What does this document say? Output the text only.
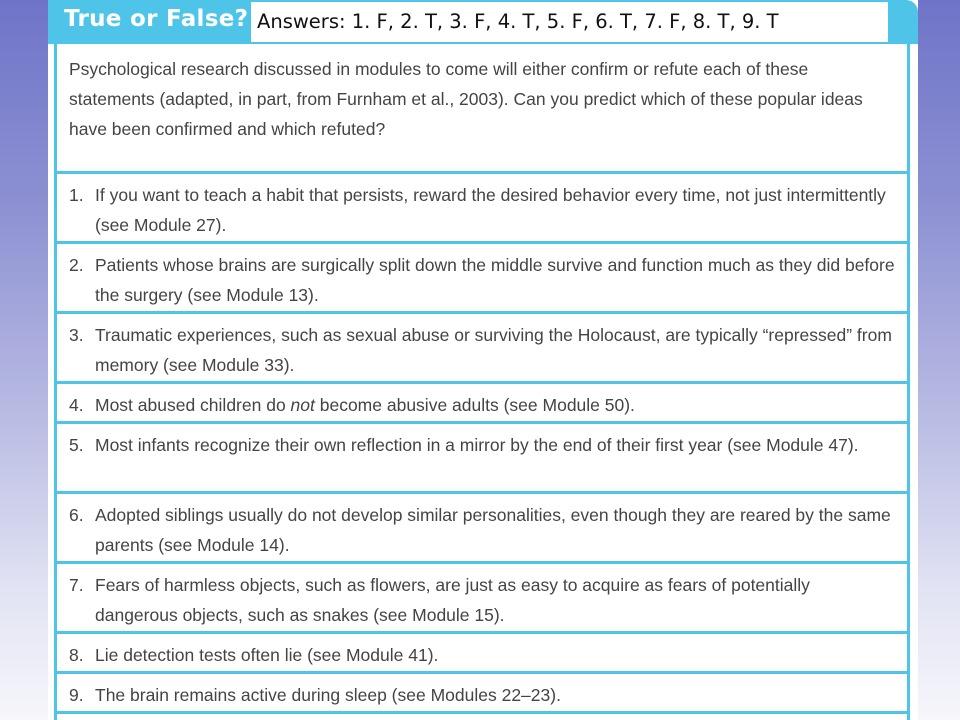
True or False? Answers: 1. F, 2. T, 3. F, 4. T, 5. F, 6. T, 7. F, 8. T, 9. T

Psychological research discussed in modules to come will either confirm or refute each of these statements (adapted, in part, from Furnham et al., 2003). Can you predict which of these popular ideas have been confirmed and which refuted?

1. If you want to teach a habit that persists, reward the desired behavior every time, not just intermittently (see Module 27).
2. Patients whose brains are surgically split down the middle survive and function much as they did before the surgery (see Module 13).
3. Traumatic experiences, such as sexual abuse or surviving the Holocaust, are typically “repressed” from memory (see Module 33).
4. Most abused children do not become abusive adults (see Module 50).
5. Most infants recognize their own reflection in a mirror by the end of their first year (see Module 47).
6. Adopted siblings usually do not develop similar personalities, even though they are reared by the same parents (see Module 14).
7. Fears of harmless objects, such as flowers, are just as easy to acquire as fears of potentially dangerous objects, such as snakes (see Module 15).
8. Lie detection tests often lie (see Module 41).
9. The brain remains active during sleep (see Modules 22–23).
